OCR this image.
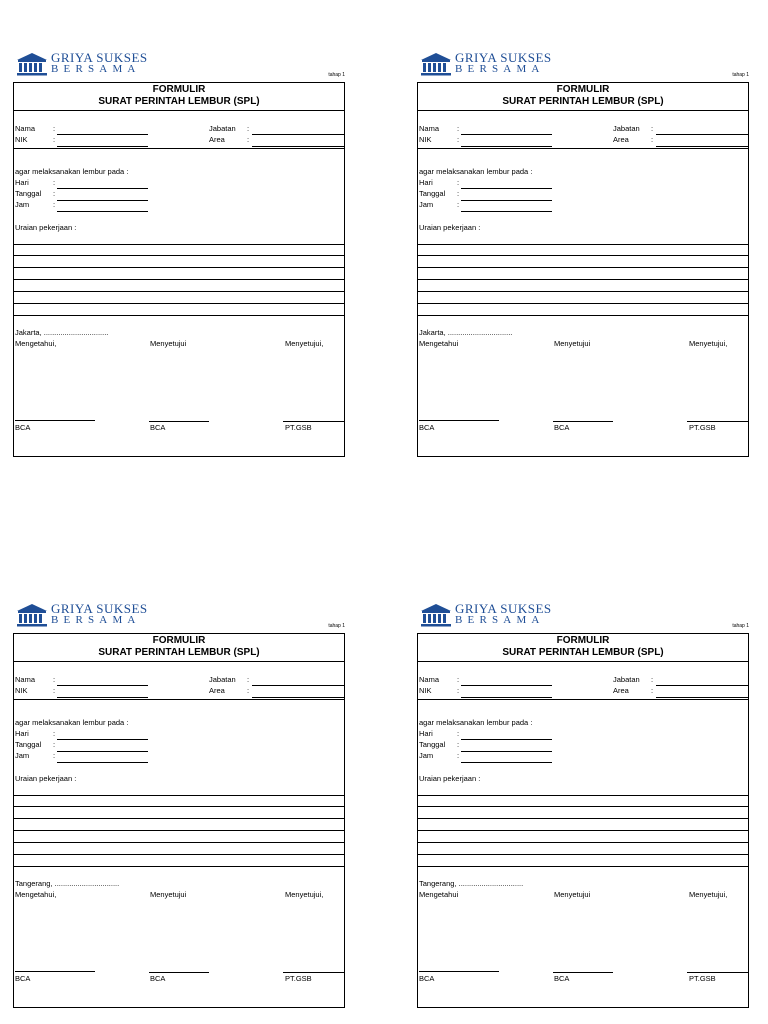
GRIYA SUKSES
BERSAMA	tahap 1
FORMULIR
SURAT PERINTAH LEMBUR (SPL)
Nama :
NIK	:
Jabatan :
Area	:
agar melaksanakan lembur pada :
Hari	:
Tanggal :
Jam	:
Uraian pekerjaan :
Jakarta, ...............................
Mengetahui,	Menyetujui	Menyetujui,
BCA	BCA	PT.GSB
GRIYA SUKSES
BERSAMA	tahap 1
FORMULIR
SURAT PERINTAH LEMBUR (SPL)
Nama :
NIK	:
Jabatan :
Area	:
agar melaksanakan lembur pada :
Hari	:
Tanggal :
Jam	:
Uraian pekerjaan :
Jakarta, ...............................
Mengetahui	Menyetujui	Menyetujui,
BCA	BCA	PT.GSB
GRIYA SUKSES
BERSAMA	tahap 1
FORMULIR
SURAT PERINTAH LEMBUR (SPL)
Nama :
NIK	:
Jabatan :
Area	:
agar melaksanakan lembur pada :
Hari	:
Tanggal :
Jam	:
Uraian pekerjaan :
Tangerang, ...............................
Mengetahui,	Menyetujui	Menyetujui,
BCA	BCA	PT.GSB
GRIYA SUKSES
BERSAMA	tahap 1
FORMULIR
SURAT PERINTAH LEMBUR (SPL)
Nama :
NIK	:
Jabatan :
Area	:
agar melaksanakan lembur pada :
Hari	:
Tanggal :
Jam	:
Uraian pekerjaan :
Tangerang, ...............................
Mengetahui	Menyetujui	Menyetujui,
BCA	BCA	PT.GSB
